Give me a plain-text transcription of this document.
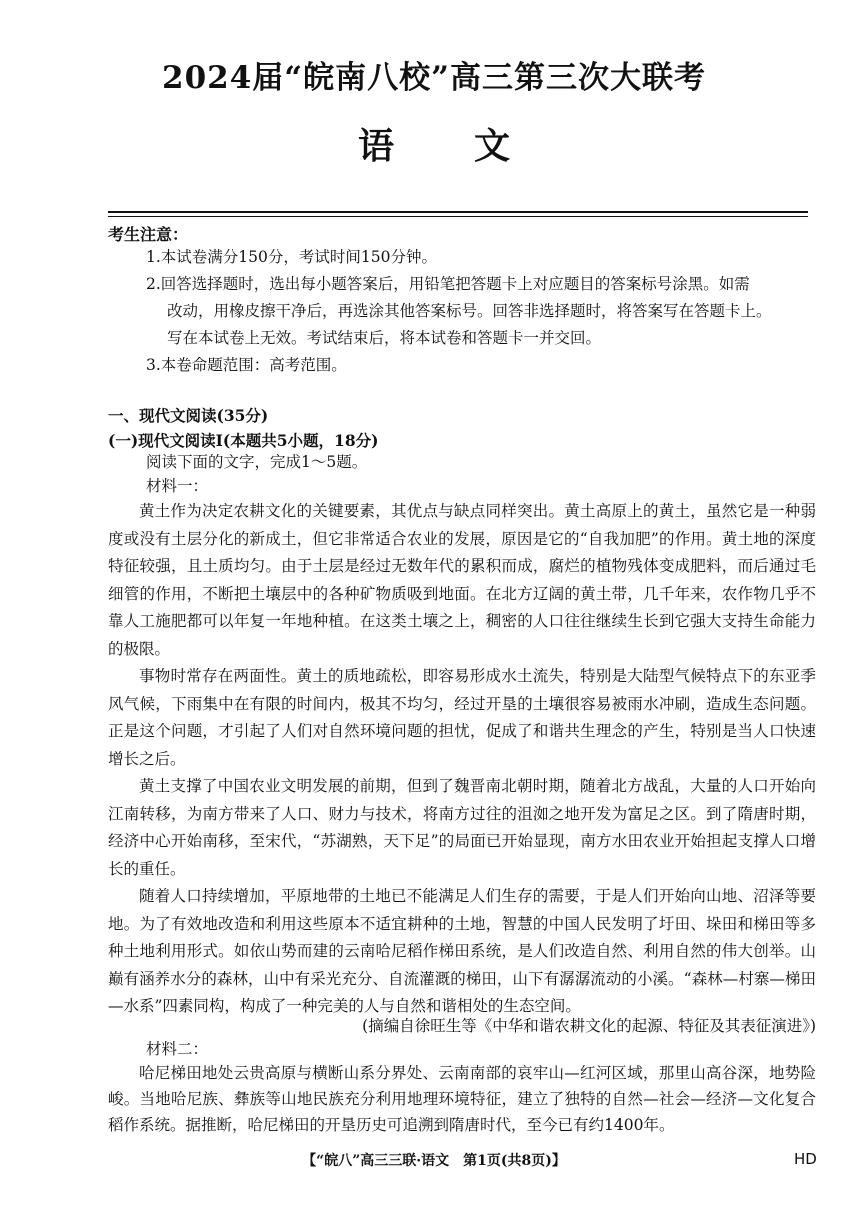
2024届“皖南八校”高三第三次大联考
语 文
考生注意：
1.本试卷满分150分，考试时间150分钟。
2.回答选择题时，选出每小题答案后，用铅笔把答题卡上对应题目的答案标号涂黑。如需
改动，用橡皮擦干净后，再选涂其他答案标号。回答非选择题时，将答案写在答题卡上。
写在本试卷上无效。考试结束后，将本试卷和答题卡一并交回。
3.本卷命题范围：高考范围。
一、现代文阅读(35分)
(一)现代文阅读Ⅰ(本题共5小题，18分)
阅读下面的文字，完成1～5题。
材料一：
黄土作为决定农耕文化的关键要素，其优点与缺点同样突出。黄土高原上的黄土，虽然它是一种弱度或没有土层分化的新成土，但它非常适合农业的发展，原因是它的“自我加肥”的作用。黄土地的深度特征较强，且土质均匀。由于土层是经过无数年代的累积而成，腐烂的植物残体变成肥料，而后通过毛细管的作用，不断把土壤层中的各种矿物质吸到地面。在北方辽阔的黄土带，几千年来，农作物几乎不靠人工施肥都可以年复一年地种植。在这类土壤之上，稠密的人口往往继续生长到它强大支持生命能力的极限。
事物时常存在两面性。黄土的质地疏松，即容易形成水土流失，特别是大陆型气候特点下的东亚季风气候，下雨集中在有限的时间内，极其不均匀，经过开垦的土壤很容易被雨水冲刷，造成生态问题。正是这个问题，才引起了人们对自然环境问题的担忧，促成了和谐共生理念的产生，特别是当人口快速增长之后。
黄土支撑了中国农业文明发展的前期，但到了魏晋南北朝时期，随着北方战乱，大量的人口开始向江南转移，为南方带来了人口、财力与技术，将南方过往的沮洳之地开发为富足之区。到了隋唐时期，经济中心开始南移，至宋代，“苏湖熟，天下足”的局面已开始显现，南方水田农业开始担起支撑人口增长的重任。
随着人口持续增加，平原地带的土地已不能满足人们生存的需要，于是人们开始向山地、沼泽等要地。为了有效地改造和利用这些原本不适宜耕种的土地，智慧的中国人民发明了圩田、垛田和梯田等多种土地利用形式。如依山势而建的云南哈尼稻作梯田系统，是人们改造自然、利用自然的伟大创举。山巅有涵养水分的森林，山中有采光充分、自流灌溉的梯田，山下有潺潺流动的小溪。“森林—村寨—梯田—水系”四素同构，构成了一种完美的人与自然和谐相处的生态空间。
(摘编自徐旺生等《中华和谐农耕文化的起源、特征及其表征演进》)
材料二：
哈尼梯田地处云贵高原与横断山系分界处、云南南部的哀牢山—红河区域，那里山高谷深，地势险峻。当地哈尼族、彝族等山地民族充分利用地理环境特征，建立了独特的自然—社会—经济—文化复合稻作系统。据推断，哈尼梯田的开垦历史可追溯到隋唐时代，至今已有约1400年。
【“皖八”高三三联·语文　第1页(共8页)】	HD
